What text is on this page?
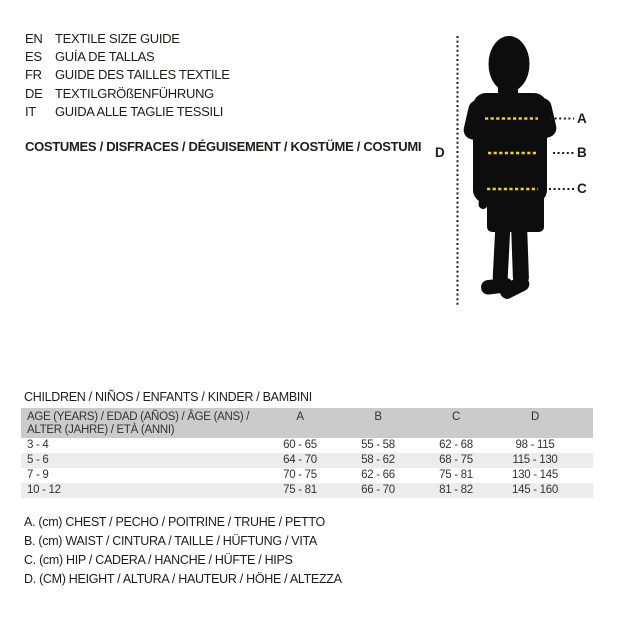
EN TEXTILE SIZE GUIDE
ES	GUÍA DE TALLAS
FR	GUIDE DES TAILLES TEXTILE
DE TEXTILGRÖßENFÜHRUNG
IT	GUIDA ALLE TAGLIE TESSILI
COSTUMES / DISFRACES / DÉGUISEMENT / KOSTÜME / COSTUMI
A
B
C
D
CHILDREN / NIÑOS / ENFANTS / KINDER / BAMBINI
AGE (YEARS) / EDAD (AÑOS) / ÂGE (ANS) /
ALTER (JAHRE) / ETÀ (ANNI)	A	B	C	D
3 - 4	60 - 65	55 - 58	62 - 68	98 - 115
5 - 6	64 - 70	58 - 62	68 - 75	115 - 130
7 - 9	70 - 75	62 - 66	75 - 81	130 - 145
10 - 12	75 - 81	66 - 70	81 - 82	145 - 160
A. (cm) CHEST / PECHO / POITRINE / TRUHE / PETTO
B. (cm) WAIST / CINTURA / TAILLE / HÜFTUNG / VITA
C. (cm) HIP / CADERA / HANCHE / HÜFTE / HIPS
D. (CM) HEIGHT / ALTURA / HAUTEUR / HÖHE / ALTEZZA
